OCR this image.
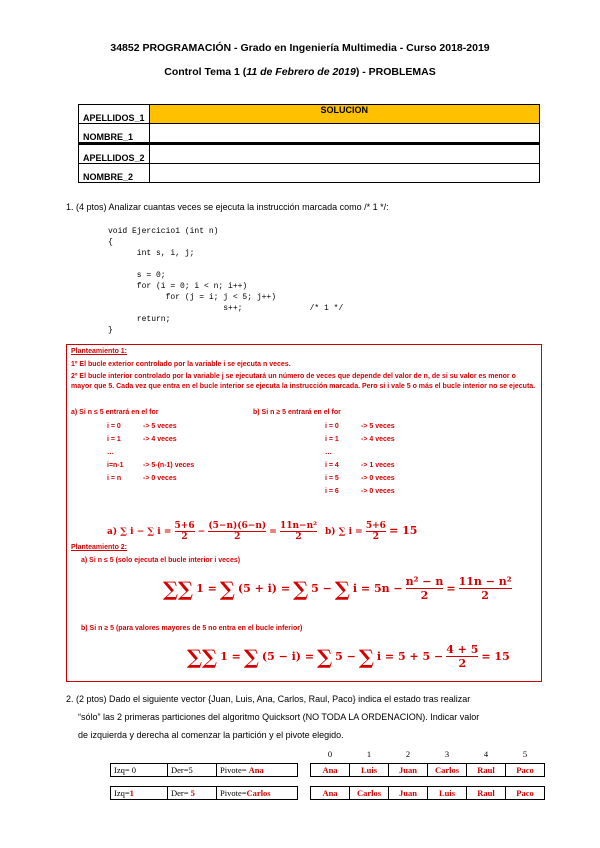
34852 PROGRAMACIÓN - Grado en Ingeniería Multimedia - Curso 2018-2019
Control Tema 1 (11 de Febrero de 2019) - PROBLEMAS
APELLIDOS_1	SOLUCION
NOMBRE_1	
APELLIDOS_2	
NOMBRE_2	
1. (4 ptos) Analizar cuantas veces se ejecuta la instrucción marcada como /* 1 */:
void Ejercicio1 (int n)
{
int s, i, j;

s = 0;
for (i = 0; i < n; i++)
for (j = i; j < 5; j++)
s++;              /* 1 */
return;
}
Planteamiento 1:
1º El bucle exterior controlado por la variable i se ejecuta n veces.
2º El bucle interior controlado por la variable j se ejecutará un número de veces que depende del valor de n, de si su valor es menor o mayor que 5. Cada vez que entra en el bucle interior se ejecuta la instrucción marcada. Pero si i vale 5 o más el bucle interior no se ejecuta.
a) Si n ≤ 5 entrará en el for	b) Si n ≥ 5 entrará en el for
i = 0	-> 5 veces
i = 1	-> 4 veces
…
i=n-1	-> 5-(n-1) veces
i = n	-> 0 veces
i = 0	-> 5 veces
i = 1	-> 4 veces
…
i = 4	-> 1 veces
i = 5	-> 0 veces
i = 6	-> 0 veces
a) ∑ i − ∑ $i = \frac{5+6}{2} - \frac{(5-n)(6-n)}{2} = \frac{\text{11n−n²}}{2} b$) ∑ $i = \frac{5+6}{2} = 15$
Planteamiento 2:
a) Si n ≤ 5 (solo ejecuta el bucle interior i veces)
∑∑ 1 = ∑ (5 + i) = ∑ 5 − ∑ $i = 5n - \frac{\text{n² − n}}{2} = \frac{\text{11n − n²}}{2}$
b) Si n ≥ 5 (para valores mayores de 5 no entra en el bucle inferior)
∑∑ 1 = ∑ (5 − i) = ∑ 5 − ∑ $i = 5 + 5 - \frac{4 + 5}{2} = 15$
2. (2 ptos) Dado el siguiente vector {Juan, Luis, Ana, Carlos, Raul, Paco} indica el estado tras realizar
“sólo” las 2 primeras particiones del algoritmo Quicksort (NO TODA LA ORDENACION). Indicar valor
de izquierda y derecha al comenzar la partición y el pivote elegido.
0	1	2	3	4	5
Izq= 0	Der=5	Pivote= Ana	Ana	Luis	Juan	Carlos	Raul	Paco
Izq=1	Der= 5	Pivote=Carlos	Ana	Carlos	Juan	Luis	Raul	Paco
